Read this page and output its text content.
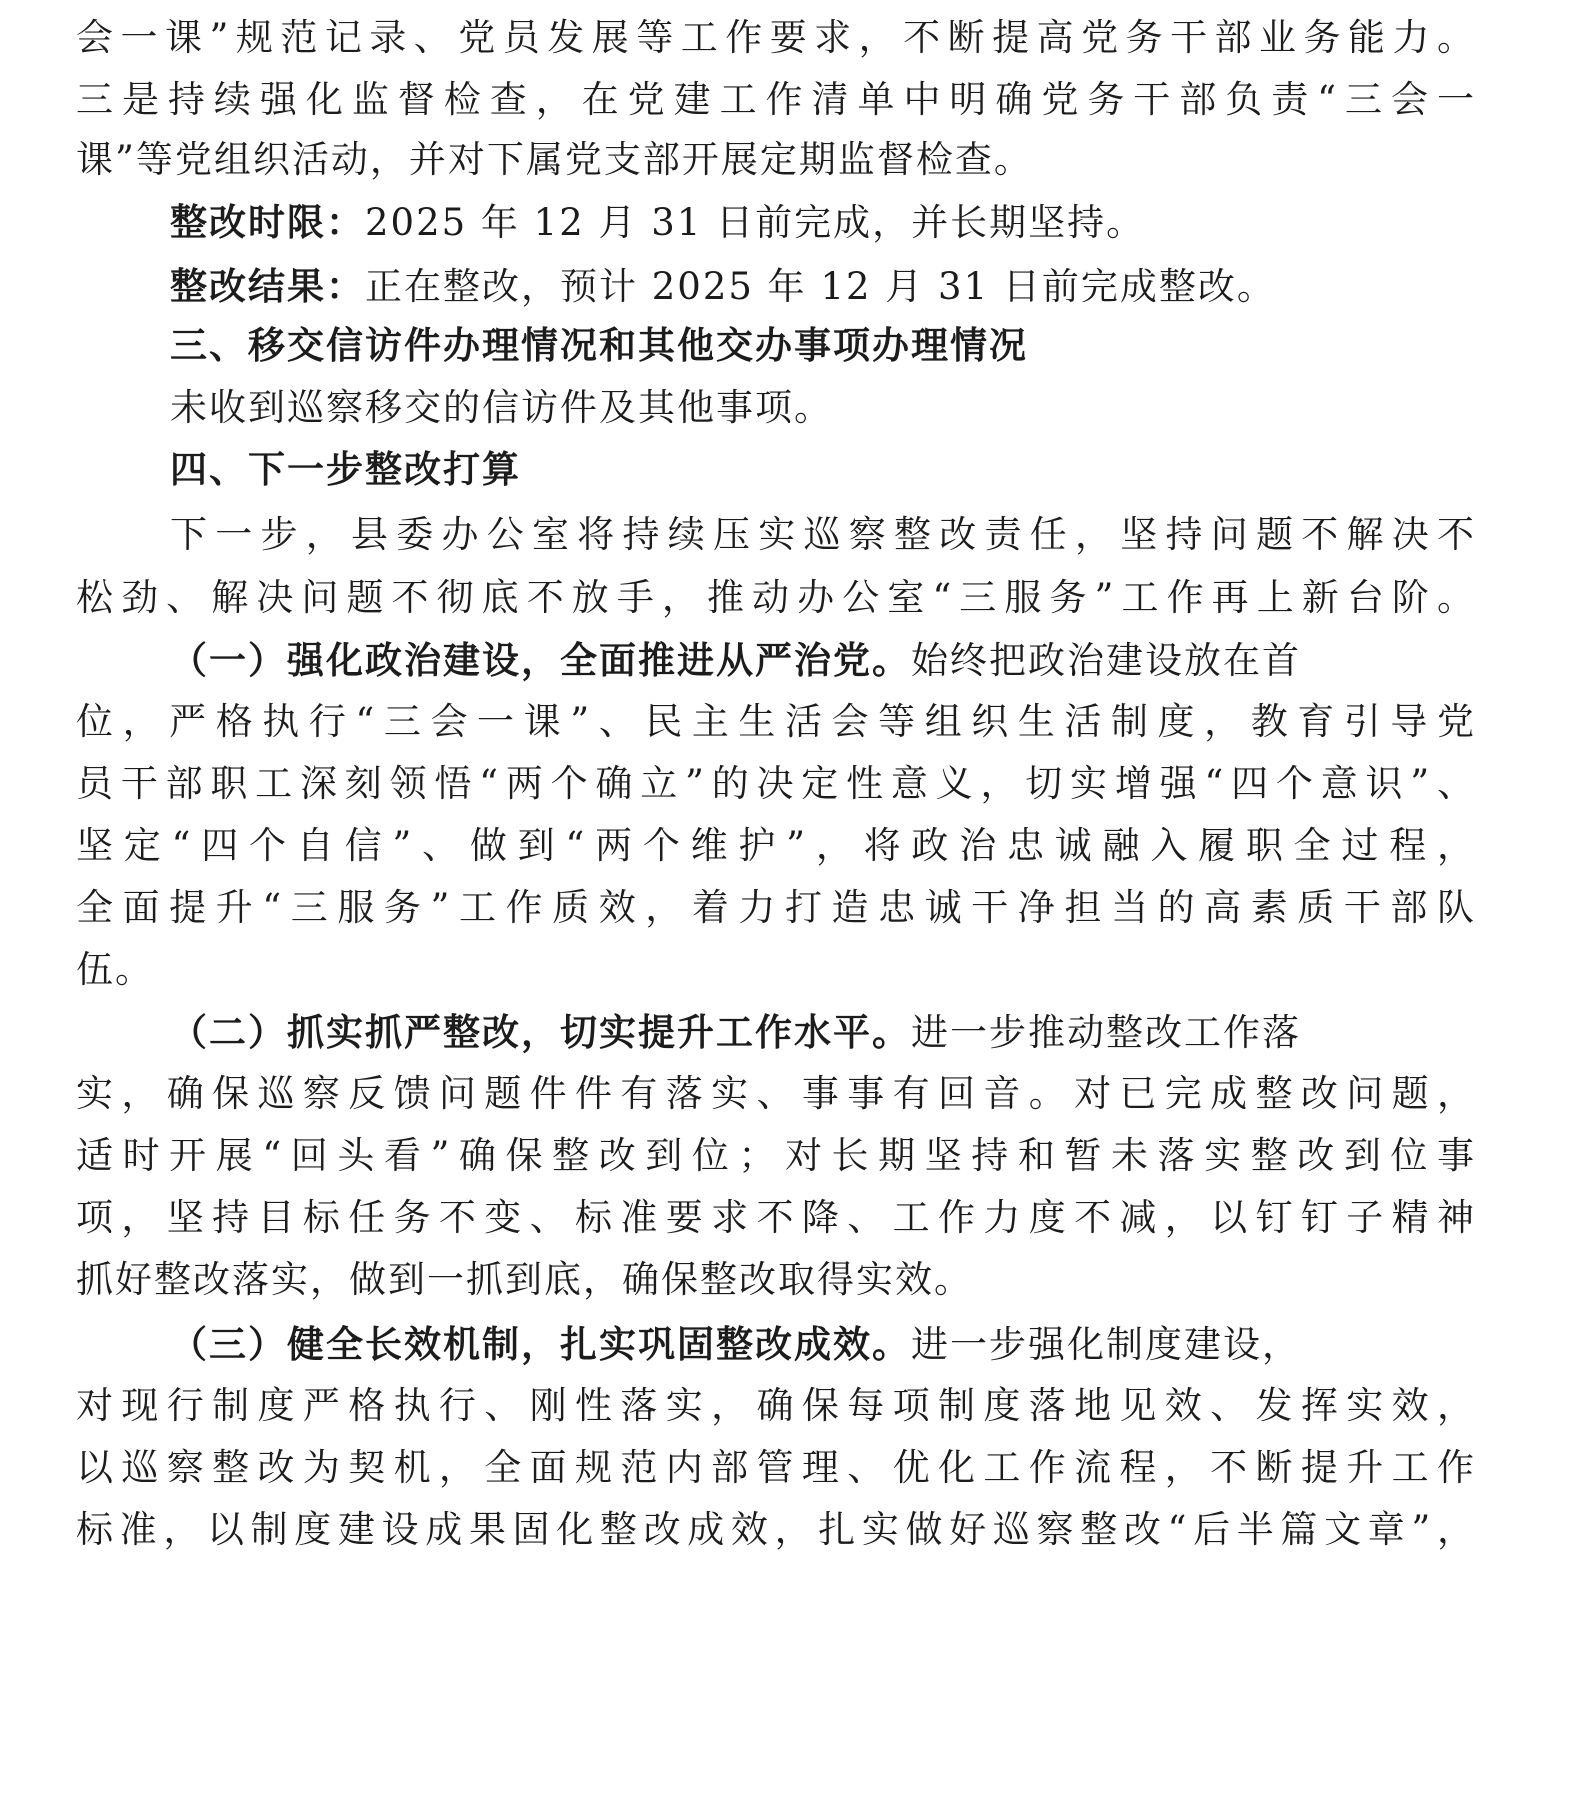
会一课”规范记录、党员发展等工作要求，不断提高党务干部业务能力。
三是持续强化监督检查，在党建工作清单中明确党务干部负责“三会一
课”等党组织活动，并对下属党支部开展定期监督检查。
整改时限：2025 年 12 月 31 日前完成，并长期坚持。
整改结果：正在整改，预计 2025 年 12 月 31 日前完成整改。
三、移交信访件办理情况和其他交办事项办理情况
未收到巡察移交的信访件及其他事项。
四、下一步整改打算
下一步，县委办公室将持续压实巡察整改责任，坚持问题不解决不
松劲、解决问题不彻底不放手，推动办公室“三服务”工作再上新台阶。
（一）强化政治建设，全面推进从严治党。始终把政治建设放在首
位，严格执行“三会一课”、民主生活会等组织生活制度，教育引导党
员干部职工深刻领悟“两个确立”的决定性意义，切实增强“四个意识”、
坚定“四个自信”、做到“两个维护”，将政治忠诚融入履职全过程，
全面提升“三服务”工作质效，着力打造忠诚干净担当的高素质干部队
伍。
（二）抓实抓严整改，切实提升工作水平。进一步推动整改工作落
实，确保巡察反馈问题件件有落实、事事有回音。对已完成整改问题，
适时开展“回头看”确保整改到位；对长期坚持和暂未落实整改到位事
项，坚持目标任务不变、标准要求不降、工作力度不减，以钉钉子精神
抓好整改落实，做到一抓到底，确保整改取得实效。
（三）健全长效机制，扎实巩固整改成效。进一步强化制度建设，
对现行制度严格执行、刚性落实，确保每项制度落地见效、发挥实效，
以巡察整改为契机，全面规范内部管理、优化工作流程，不断提升工作
标准，以制度建设成果固化整改成效，扎实做好巡察整改“后半篇文章”，
